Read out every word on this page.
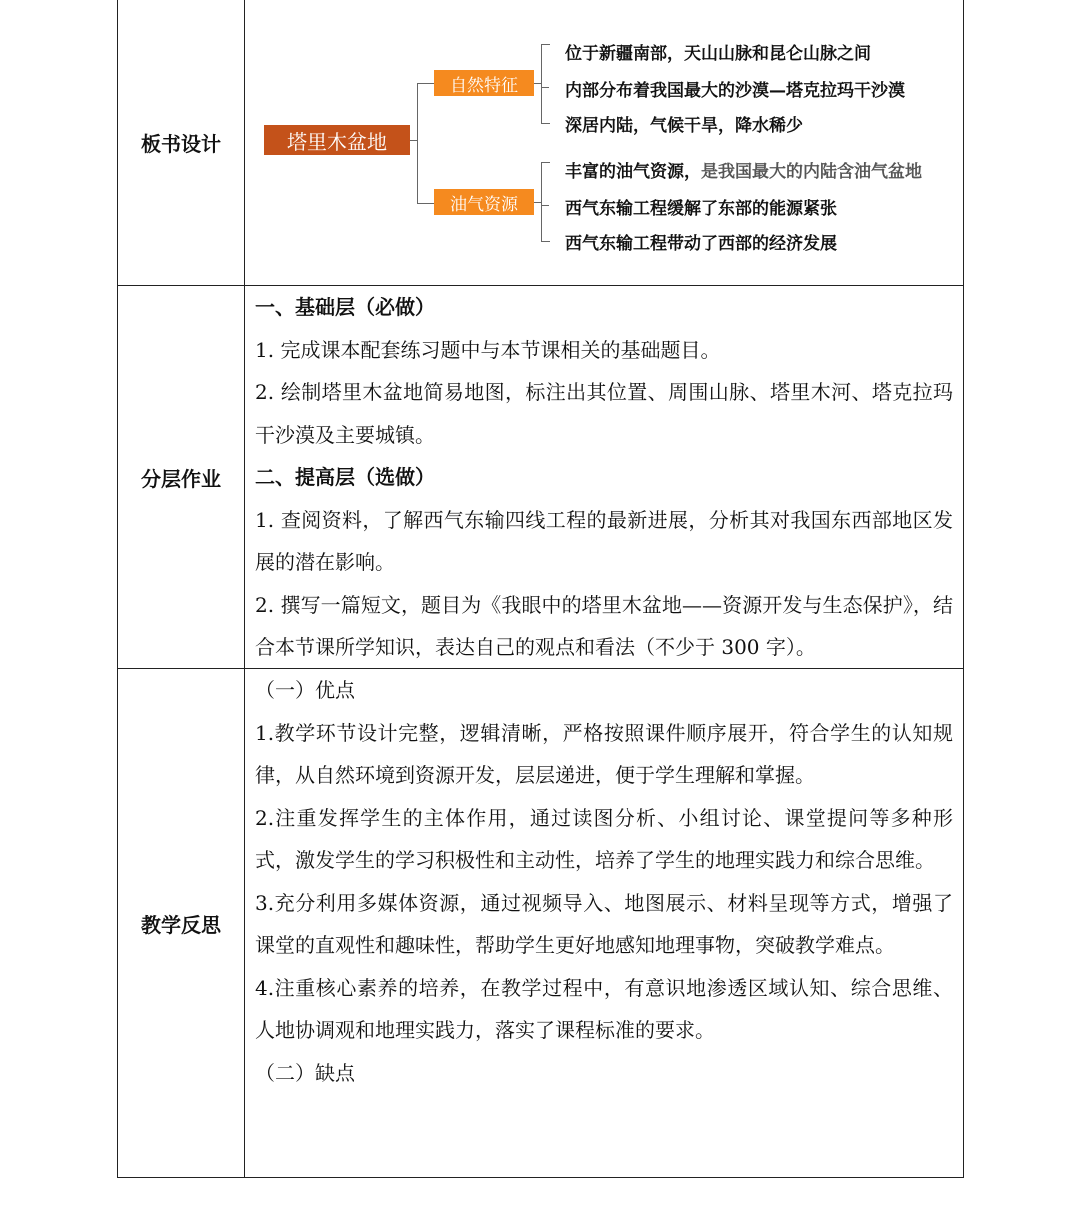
板书设计	塔里木盆地
自然特征
油气资源
位于新疆南部，天山山脉和昆仑山脉之间
内部分布着我国最大的沙漠—塔克拉玛干沙漠
深居内陆，气候干旱，降水稀少
丰富的油气资源，是我国最大的内陆含油气盆地
西气东输工程缓解了东部的能源紧张
西气东输工程带动了西部的经济发展
分层作业
一、基础层（必做）
1. 完成课本配套练习题中与本节课相关的基础题目。
2. 绘制塔里木盆地简易地图，标注出其位置、周围山脉、塔里木河、塔克拉玛干沙漠及主要城镇。
二、提高层（选做）
1. 查阅资料，了解西气东输四线工程的最新进展，分析其对我国东西部地区发展的潜在影响。
2. 撰写一篇短文，题目为《我眼中的塔里木盆地——资源开发与生态保护》，结合本节课所学知识，表达自己的观点和看法（不少于 300 字）。
教学反思
（一）优点
1.教学环节设计完整，逻辑清晰，严格按照课件顺序展开，符合学生的认知规律，从自然环境到资源开发，层层递进，便于学生理解和掌握。
2.注重发挥学生的主体作用，通过读图分析、小组讨论、课堂提问等多种形式，激发学生的学习积极性和主动性，培养了学生的地理实践力和综合思维。
3.充分利用多媒体资源，通过视频导入、地图展示、材料呈现等方式，增强了课堂的直观性和趣味性，帮助学生更好地感知地理事物，突破教学难点。
4.注重核心素养的培养，在教学过程中，有意识地渗透区域认知、综合思维、人地协调观和地理实践力，落实了课程标准的要求。
（二）缺点
